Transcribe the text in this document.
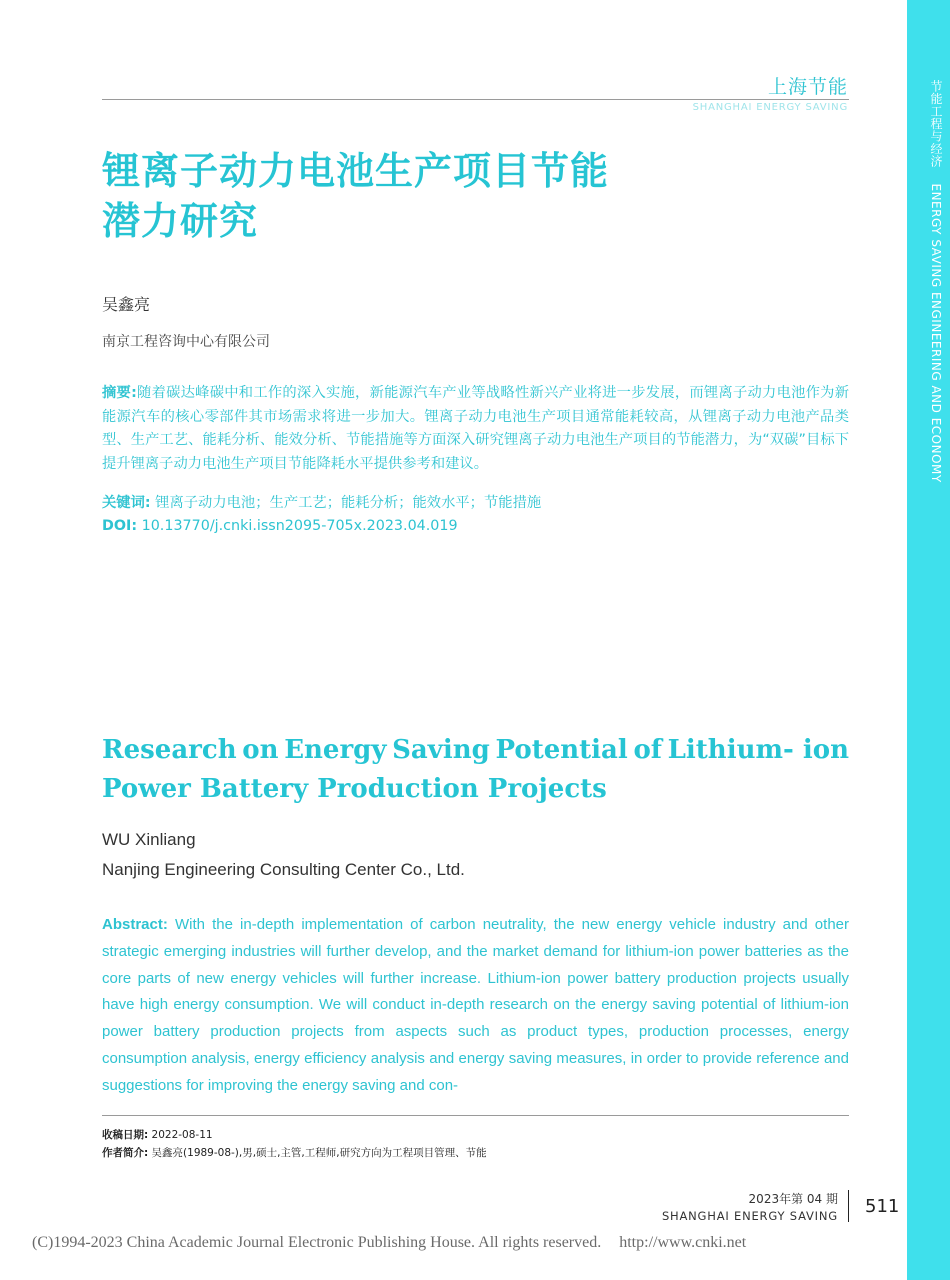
节能工程与经济ENERGY SAVING ENGINEERING AND ECONOMY
上海节能
SHANGHAI ENERGY SAVING
锂离子动力电池生产项目节能
潜力研究
吴鑫亮
南京工程咨询中心有限公司
摘要:随着碳达峰碳中和工作的深入实施，新能源汽车产业等战略性新兴产业将进一步发展，而锂离子动力电池作为新能源汽车的核心零部件其市场需求将进一步加大。锂离子动力电池生产项目通常能耗较高，从锂离子动力电池产品类型、生产工艺、能耗分析、能效分析、节能措施等方面深入研究锂离子动力电池生产项目的节能潜力，为“双碳”目标下提升锂离子动力电池生产项目节能降耗水平提供参考和建议。
关键词: 锂离子动力电池；生产工艺；能耗分析；能效水平；节能措施
DOI: 10.13770/j.cnki.issn2095-705x.2023.04.019
Research on Energy Saving Potential of Lithium- ion
Power Battery Production Projects
WU Xinliang
Nanjing Engineering Consulting Center Co., Ltd.
Abstract: With the in-depth implementation of carbon neutrality, the new energy vehicle industry and other strategic emerging industries will further develop, and the market demand for lithium-ion power batteries as the core parts of new energy vehicles will further increase. Lithium-ion power battery production projects usually have high energy consumption. We will conduct in-depth research on the energy saving potential of lithium-ion power battery production projects from aspects such as product types, production processes, energy consumption analysis, energy efficiency analysis and energy saving measures, in order to provide reference and suggestions for improving the energy saving and con-
收稿日期: 2022-08-11
作者简介: 吴鑫亮(1989-08-),男,硕士,主管,工程师,研究方向为工程项目管理、节能
2023年第 04 期
SHANGHAI ENERGY SAVING 511
(C)1994-2023 China Academic Journal Electronic Publishing House. All rights reserved. http://www.cnki.net
